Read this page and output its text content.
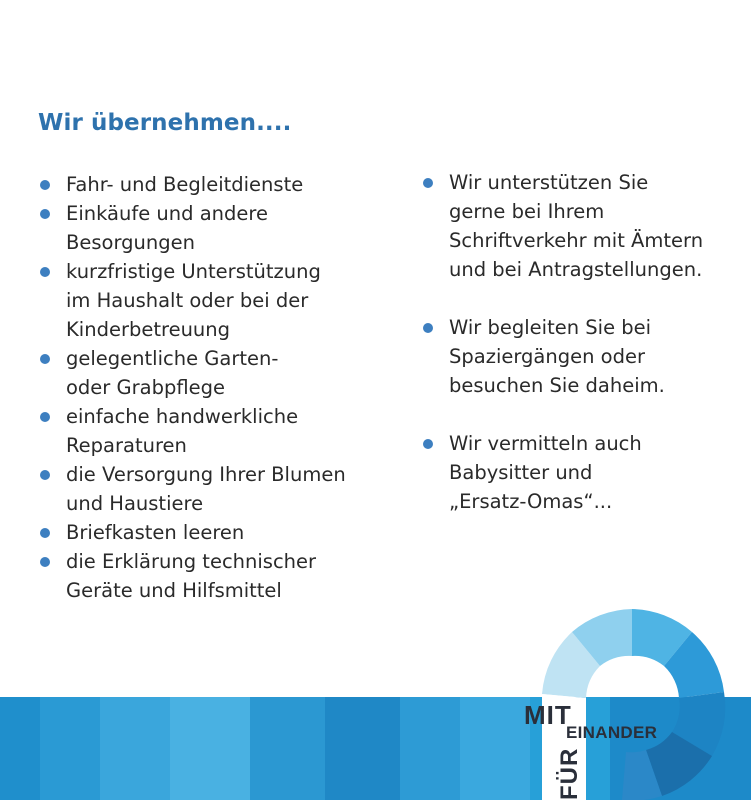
Wir übernehmen....
Fahr- und Begleitdienste
Einkäufe und andere
Besorgungen
kurzfristige Unterstützung
im Haushalt oder bei der
Kinderbetreuung
gelegentliche Garten-
oder Grabpflege
einfache handwerkliche
Reparaturen
die Versorgung Ihrer Blumen
und Haustiere
Briefkasten leeren
die Erklärung technischer
Geräte und Hilfsmittel
Wir unterstützen Sie
gerne bei Ihrem
Schriftverkehr mit Ämtern
und bei Antragstellungen.
Wir begleiten Sie bei
Spaziergängen oder
besuchen Sie daheim.
Wir vermitteln auch
Babysitter und
„Ersatz-Omas“...
MIT
EINANDER
FÜR
